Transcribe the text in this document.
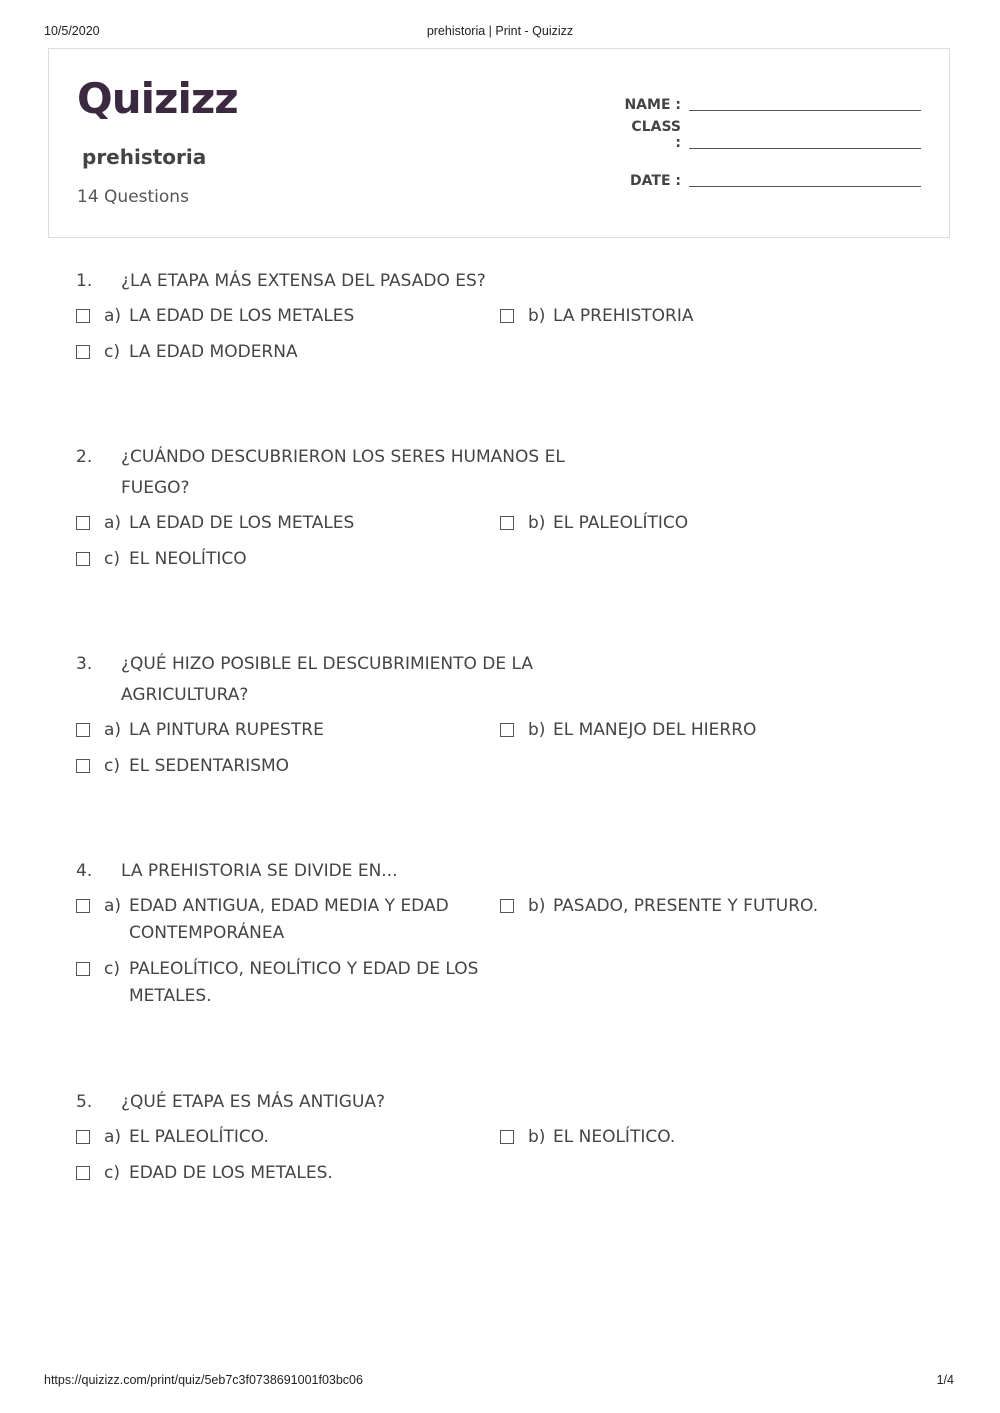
10/5/2020	prehistoria | Print - Quizizz
Quizizz
prehistoria
14 Questions
NAME :
CLASS :
DATE :
1.	¿LA ETAPA MÁS EXTENSA DEL PASADO ES?
a) LA EDAD DE LOS METALES	b) LA PREHISTORIA
c) LA EDAD MODERNA
2.	¿CUÁNDO DESCUBRIERON LOS SERES HUMANOS EL FUEGO?
a) LA EDAD DE LOS METALES	b) EL PALEOLÍTICO
c) EL NEOLÍTICO
3.	¿QUÉ HIZO POSIBLE EL DESCUBRIMIENTO DE LA AGRICULTURA?
a) LA PINTURA RUPESTRE	b) EL MANEJO DEL HIERRO
c) EL SEDENTARISMO
4.	LA PREHISTORIA SE DIVIDE EN...
a) EDAD ANTIGUA, EDAD MEDIA Y EDAD CONTEMPORÁNEA
b) PASADO, PRESENTE Y FUTURO.
c) PALEOLÍTICO, NEOLÍTICO Y EDAD DE LOS METALES.
5.	¿QUÉ ETAPA ES MÁS ANTIGUA?
a) EL PALEOLÍTICO.	b) EL NEOLÍTICO.
c) EDAD DE LOS METALES.
https://quizizz.com/print/quiz/5eb7c3f0738691001f03bc06	1/4
